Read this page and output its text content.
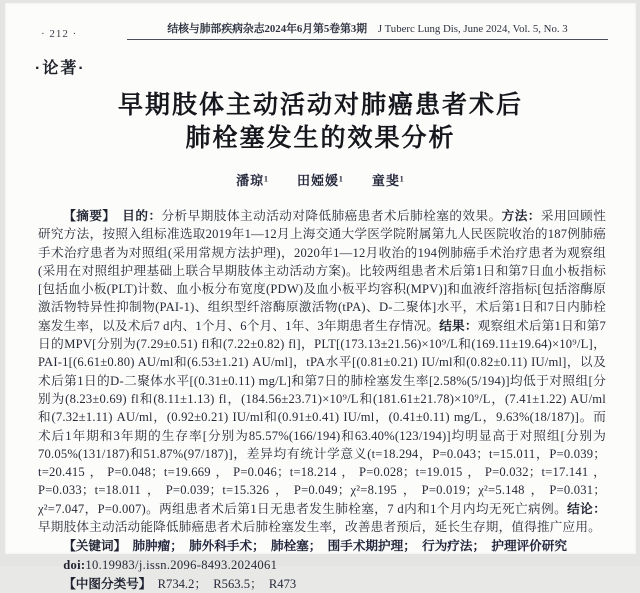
· 212 ·	结核与肺部疾病杂志2024年6月第5卷第3期　J Tuberc Lung Dis, June 2024, Vol. 5, No. 3
·论著·
早期肢体主动活动对肺癌患者术后
肺栓塞发生的效果分析
潘琼¹　　田婭媛¹　　童斐¹

【摘要】　目的：分析早期肢体主动活动对降低肺癌患者术后肺栓塞的效果。方法：采用回顾性研究方法，按照入组标准选取2019年1—12月上海交通大学医学院附属第九人民医院收治的187例肺癌手术治疗患者为对照组(采用常规方法护理)，2020年1—12月收治的194例肺癌手术治疗患者为观察组(采用在对照组护理基础上联合早期肢体主动活动方案)。比较两组患者术后第1日和第7日血小板指标[包括血小板(PLT)计数、血小板分布宽度(PDW)及血小板平均容积(MPV)]和血液纤溶指标[包括溶酶原激活物特异性抑制物(PAI-1)、组织型纤溶酶原激活物(tPA)、D-二聚体]水平，术后第1日和7日内肺栓塞发生率，以及术后7 d内、1个月、6个月、1年、3年期患者生存情况。结果：观察组术后第1日和第7日的MPV[分别为(7.29±0.51) fl和(7.22±0.82) fl]，PLT[(173.13±21.56)×10⁹/L和(169.11±19.64)×10⁹/L]，PAI-1[(6.61±0.80) AU/ml和(6.53±1.21) AU/ml]，tPA水平[(0.81±0.21) IU/ml和(0.82±0.11) IU/ml]，以及术后第1日的D-二聚体水平[(0.31±0.11) mg/L]和第7日的肺栓塞发生率[2.58%(5/194)]均低于对照组[分别为(8.23±0.69) fl和(8.11±1.13) fl，(184.56±23.71)×10⁹/L和(181.61±21.78)×10⁹/L，(7.41±1.22) AU/ml和(7.32±1.11) AU/ml，(0.92±0.21) IU/ml和(0.91±0.41) IU/ml，(0.41±0.11) mg/L，9.63%(18/187)]。而术后1年期和3年期的生存率[分别为85.57%(166/194)和63.40%(123/194)]均明显高于对照组[分别为70.05%(131/187)和51.87%(97/187)]，差异均有统计学意义(t=18.294，P=0.043；t=15.011，P=0.039；t=20.415，P=0.048；t=19.669，P=0.046；t=18.214，P=0.028；t=19.015，P=0.032；t=17.141，P=0.033；t=18.011，P=0.039；t=15.326，P=0.049；χ²=8.195，P=0.019；χ²=5.148，P=0.031；χ²=7.047，P=0.007)。两组患者术后第1日无患者发生肺栓塞，7 d内和1个月内均无死亡病例。结论：早期肢体主动活动能降低肺癌患者术后肺栓塞发生率，改善患者预后，延长生存期，值得推广应用。

【关键词】　肺肿瘤；　肺外科手术；　肺栓塞；　围手术期护理；　行为疗法；　护理评价研究

doi:10.19983/j.issn.2096-8493.2024061

【中图分类号】　R734.2；　R563.5；　R473
